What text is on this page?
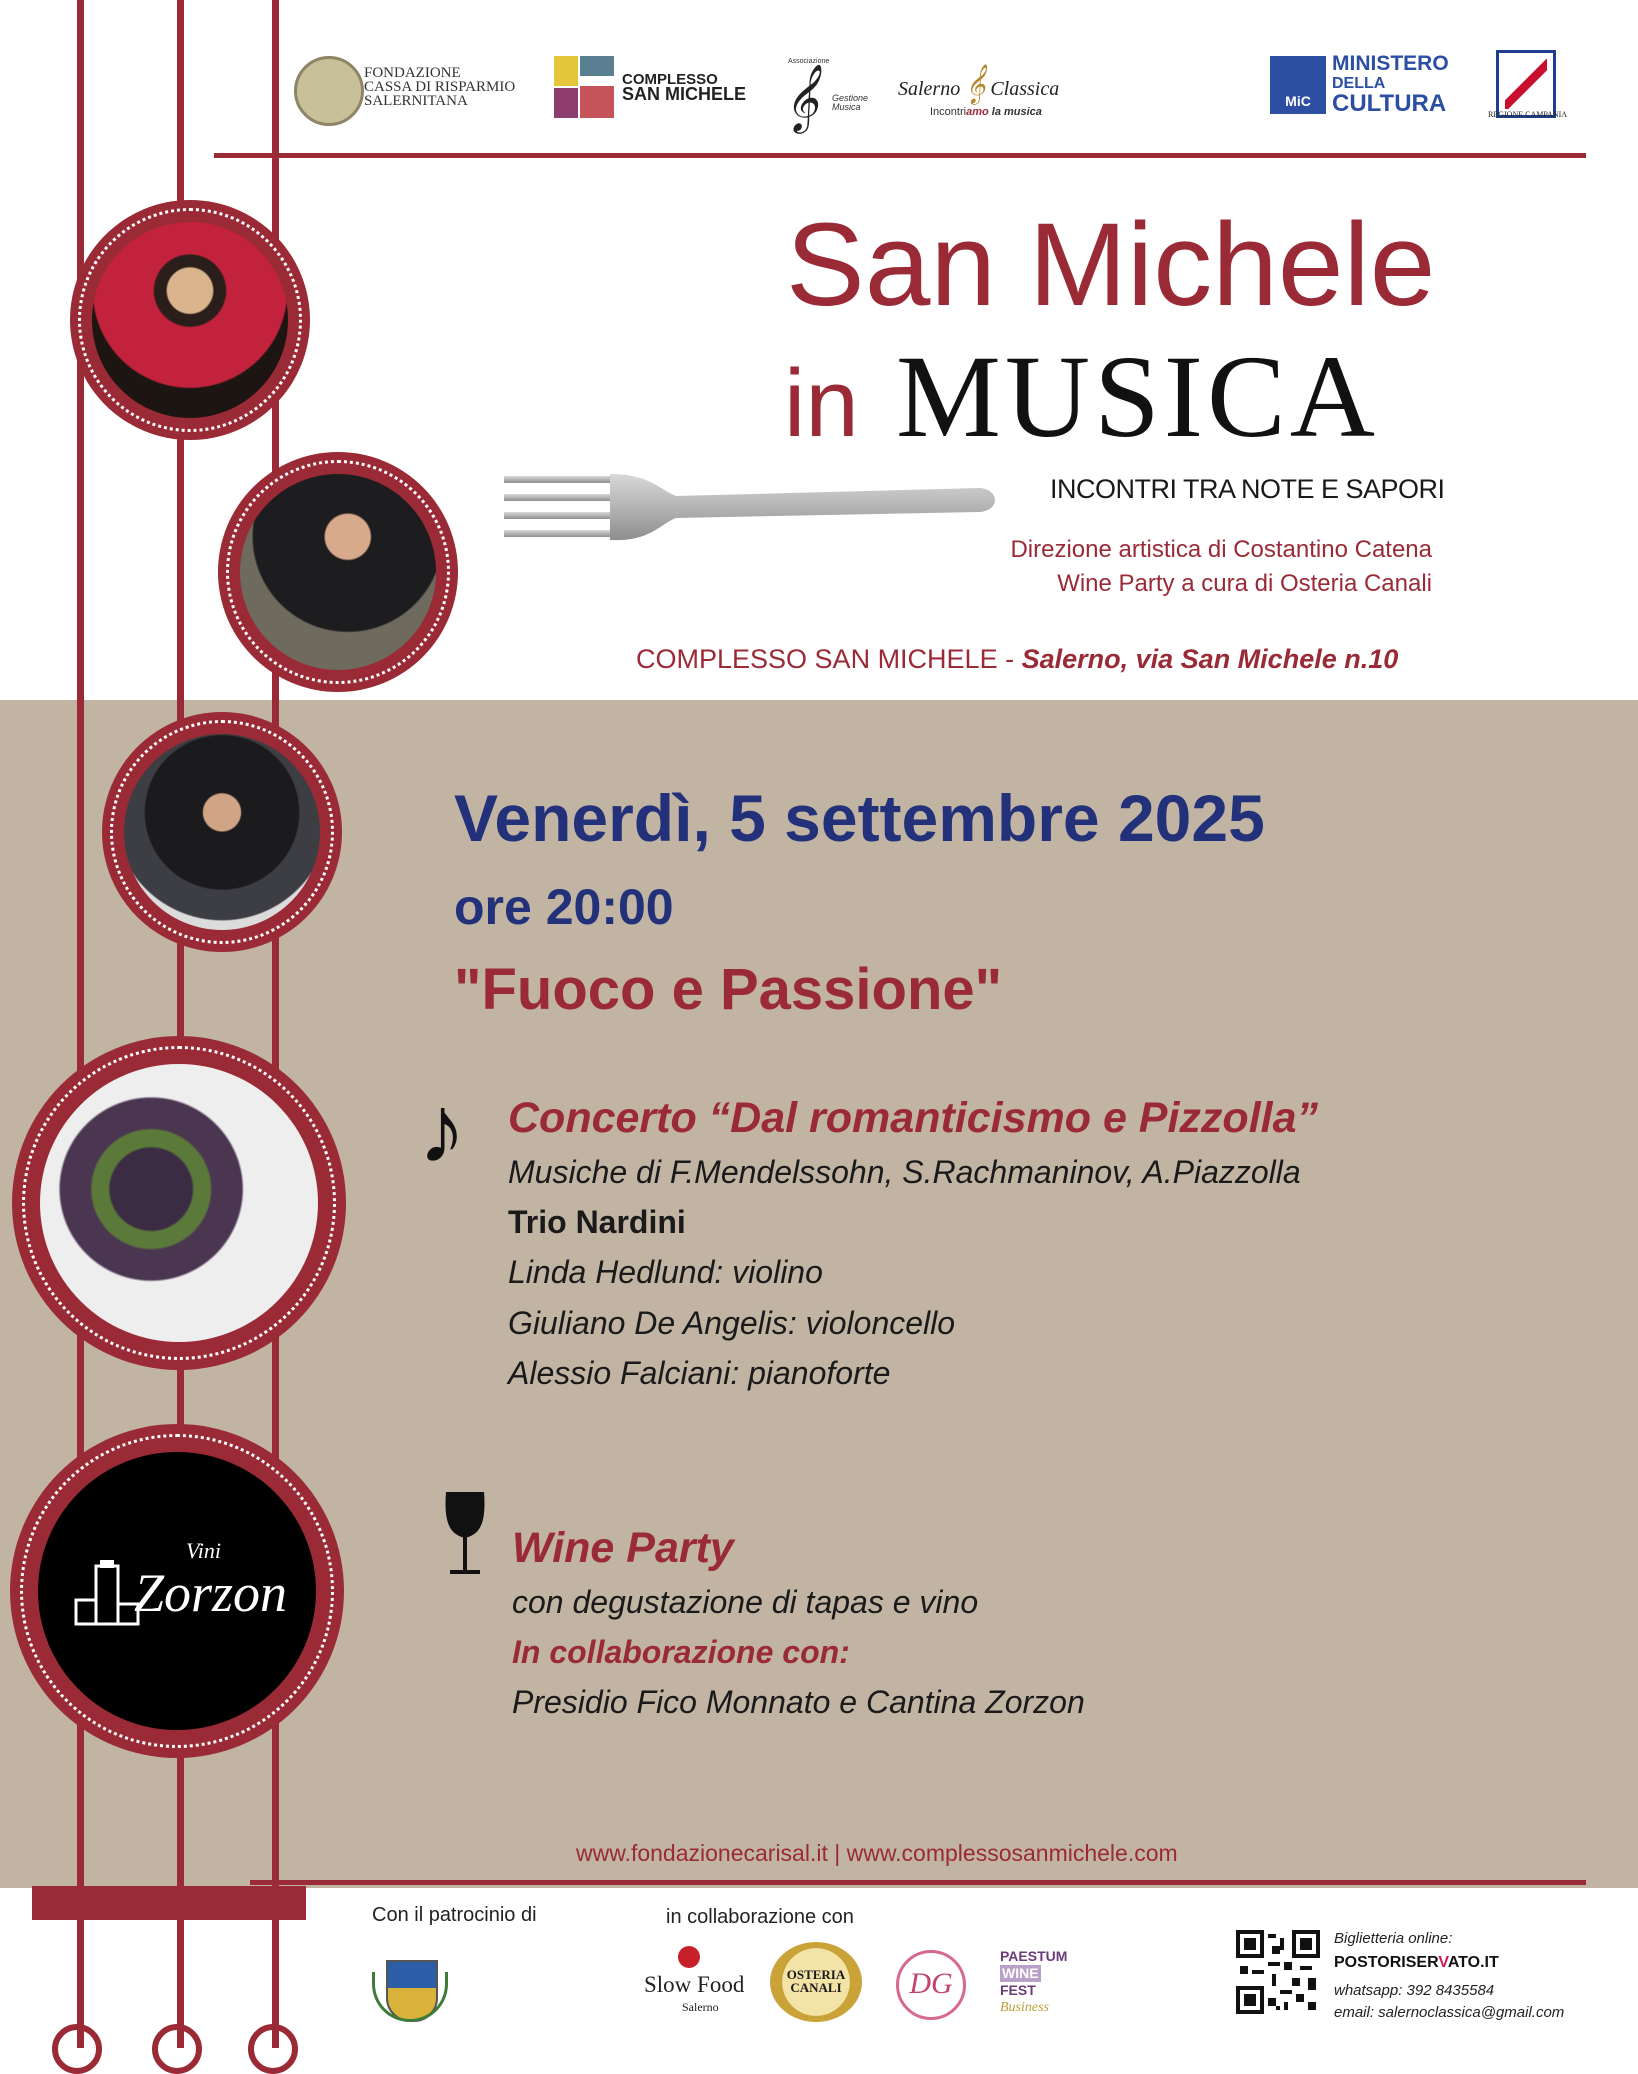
FONDAZIONE
CASSA DI RISPARMIO
SALERNITANA
COMPLESSO
SAN MICHELE
Associazione
𝄞 Gestione Musica
Salerno 𝄞 Classica
Incontriamo la musica
MiC
MINISTERO
DELLA
CULTURA	REGIONE CAMPANIA
San Michele
in MUSICA
INCONTRI TRA NOTE E SAPORI
Direzione artistica di Costantino Catena
Wine Party a cura di Osteria Canali
COMPLESSO SAN MICHELE - Salerno, via San Michele n.10
Venerdì, 5 settembre 2025
ore 20:00
"Fuoco e Passione"
♪ Concerto “Dal romanticismo e Pizzolla”
Musiche di F.Mendelssohn, S.Rachmaninov, A.Piazzolla
Trio Nardini
Linda Hedlund: violino
Giuliano De Angelis: violoncello
Alessio Falciani: pianoforte
Wine Party
con degustazione di tapas e vino
In collaborazione con:
Presidio Fico Monnato e Cantina Zorzon
Vini
Zorzon
www.fondazionecarisal.it | www.complessosanmichele.com
Con il patrocinio di	in collaborazione con
Slow Food
Salerno
OSTERIA
CANALI	DG
PAESTUM
WINE
FEST
Business
Biglietteria online:
POSTORISERVATO.IT
whatsapp: 392 8435584
email: salernoclassica@gmail.com
